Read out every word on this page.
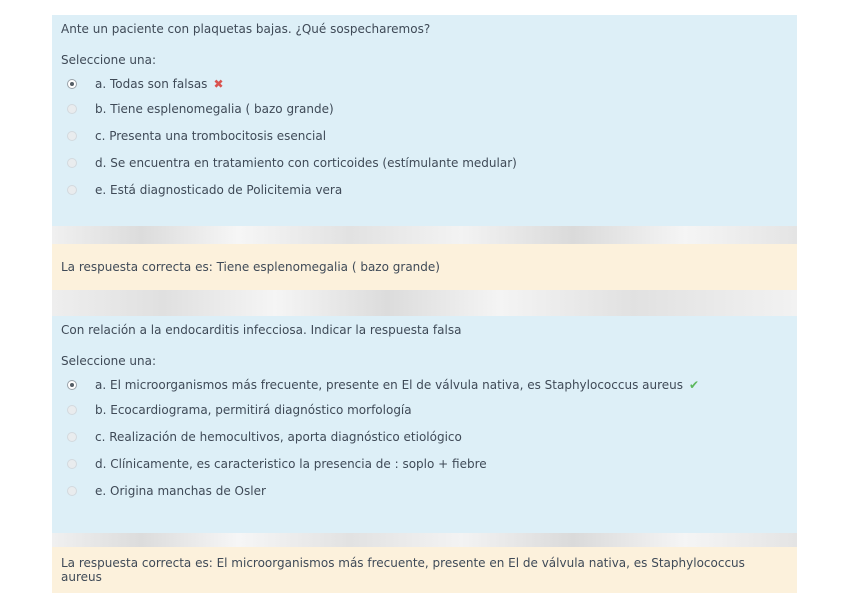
Ante un paciente con plaquetas bajas. ¿Qué sospecharemos?

Seleccione una:
a. Todas son falsas ✖
b. Tiene esplenomegalia ( bazo grande)
c. Presenta una trombocitosis esencial
d. Se encuentra en tratamiento con corticoides (estímulante medular)
e. Está diagnosticado de Policitemia vera
La respuesta correcta es: Tiene esplenomegalia ( bazo grande)

Con relación a la endocarditis infecciosa. Indicar la respuesta falsa

Seleccione una:
a. El microorganismos más frecuente, presente en El de válvula nativa, es Staphylococcus aureus ✔
b. Ecocardiograma, permitirá diagnóstico morfología
c. Realización de hemocultivos, aporta diagnóstico etiológico
d. Clínicamente, es caracteristico la presencia de : soplo + fiebre
e. Origina manchas de Osler
La respuesta correcta es: El microorganismos más frecuente, presente en El de válvula nativa, es Staphylococcus aureus
